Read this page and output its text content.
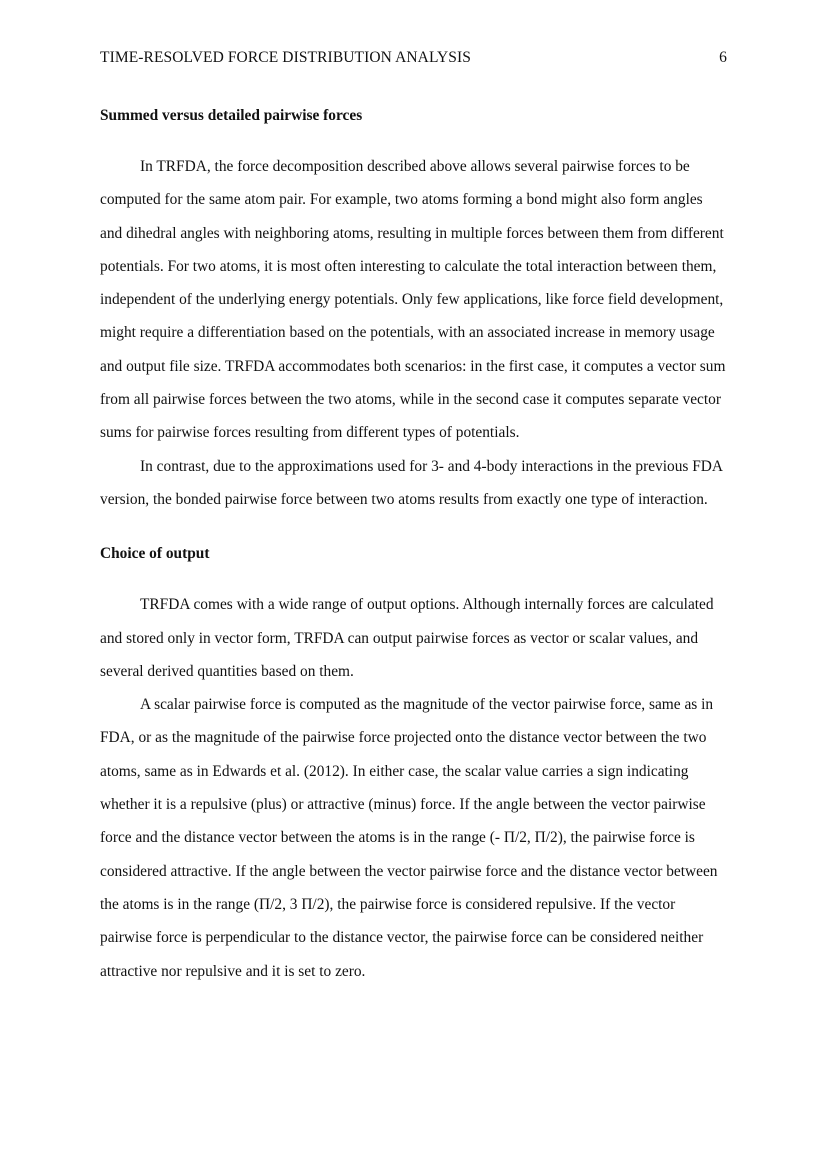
TIME-RESOLVED FORCE DISTRIBUTION ANALYSIS	6
Summed versus detailed pairwise forces

In TRFDA, the force decomposition described above allows several pairwise forces to be computed for the same atom pair. For example, two atoms forming a bond might also form angles and dihedral angles with neighboring atoms, resulting in multiple forces between them from different potentials. For two atoms, it is most often interesting to calculate the total interaction between them, independent of the underlying energy potentials. Only few applications, like force field development, might require a differentiation based on the potentials, with an associated increase in memory usage and output file size. TRFDA accommodates both scenarios: in the first case, it computes a vector sum from all pairwise forces between the two atoms, while in the second case it computes separate vector sums for pairwise forces resulting from different types of potentials.

In contrast, due to the approximations used for 3- and 4-body interactions in the previous FDA version, the bonded pairwise force between two atoms results from exactly one type of interaction.

Choice of output

TRFDA comes with a wide range of output options. Although internally forces are calculated and stored only in vector form, TRFDA can output pairwise forces as vector or scalar values, and several derived quantities based on them.

A scalar pairwise force is computed as the magnitude of the vector pairwise force, same as in FDA, or as the magnitude of the pairwise force projected onto the distance vector between the two atoms, same as in Edwards et al. (2012). In either case, the scalar value carries a sign indicating whether it is a repulsive (plus) or attractive (minus) force. If the angle between the vector pairwise force and the distance vector between the atoms is in the range (- Π/2, Π/2), the pairwise force is considered attractive. If the angle between the vector pairwise force and the distance vector between the atoms is in the range (Π/2, 3 Π/2), the pairwise force is considered repulsive. If the vector pairwise force is perpendicular to the distance vector, the pairwise force can be considered neither attractive nor repulsive and it is set to zero.
